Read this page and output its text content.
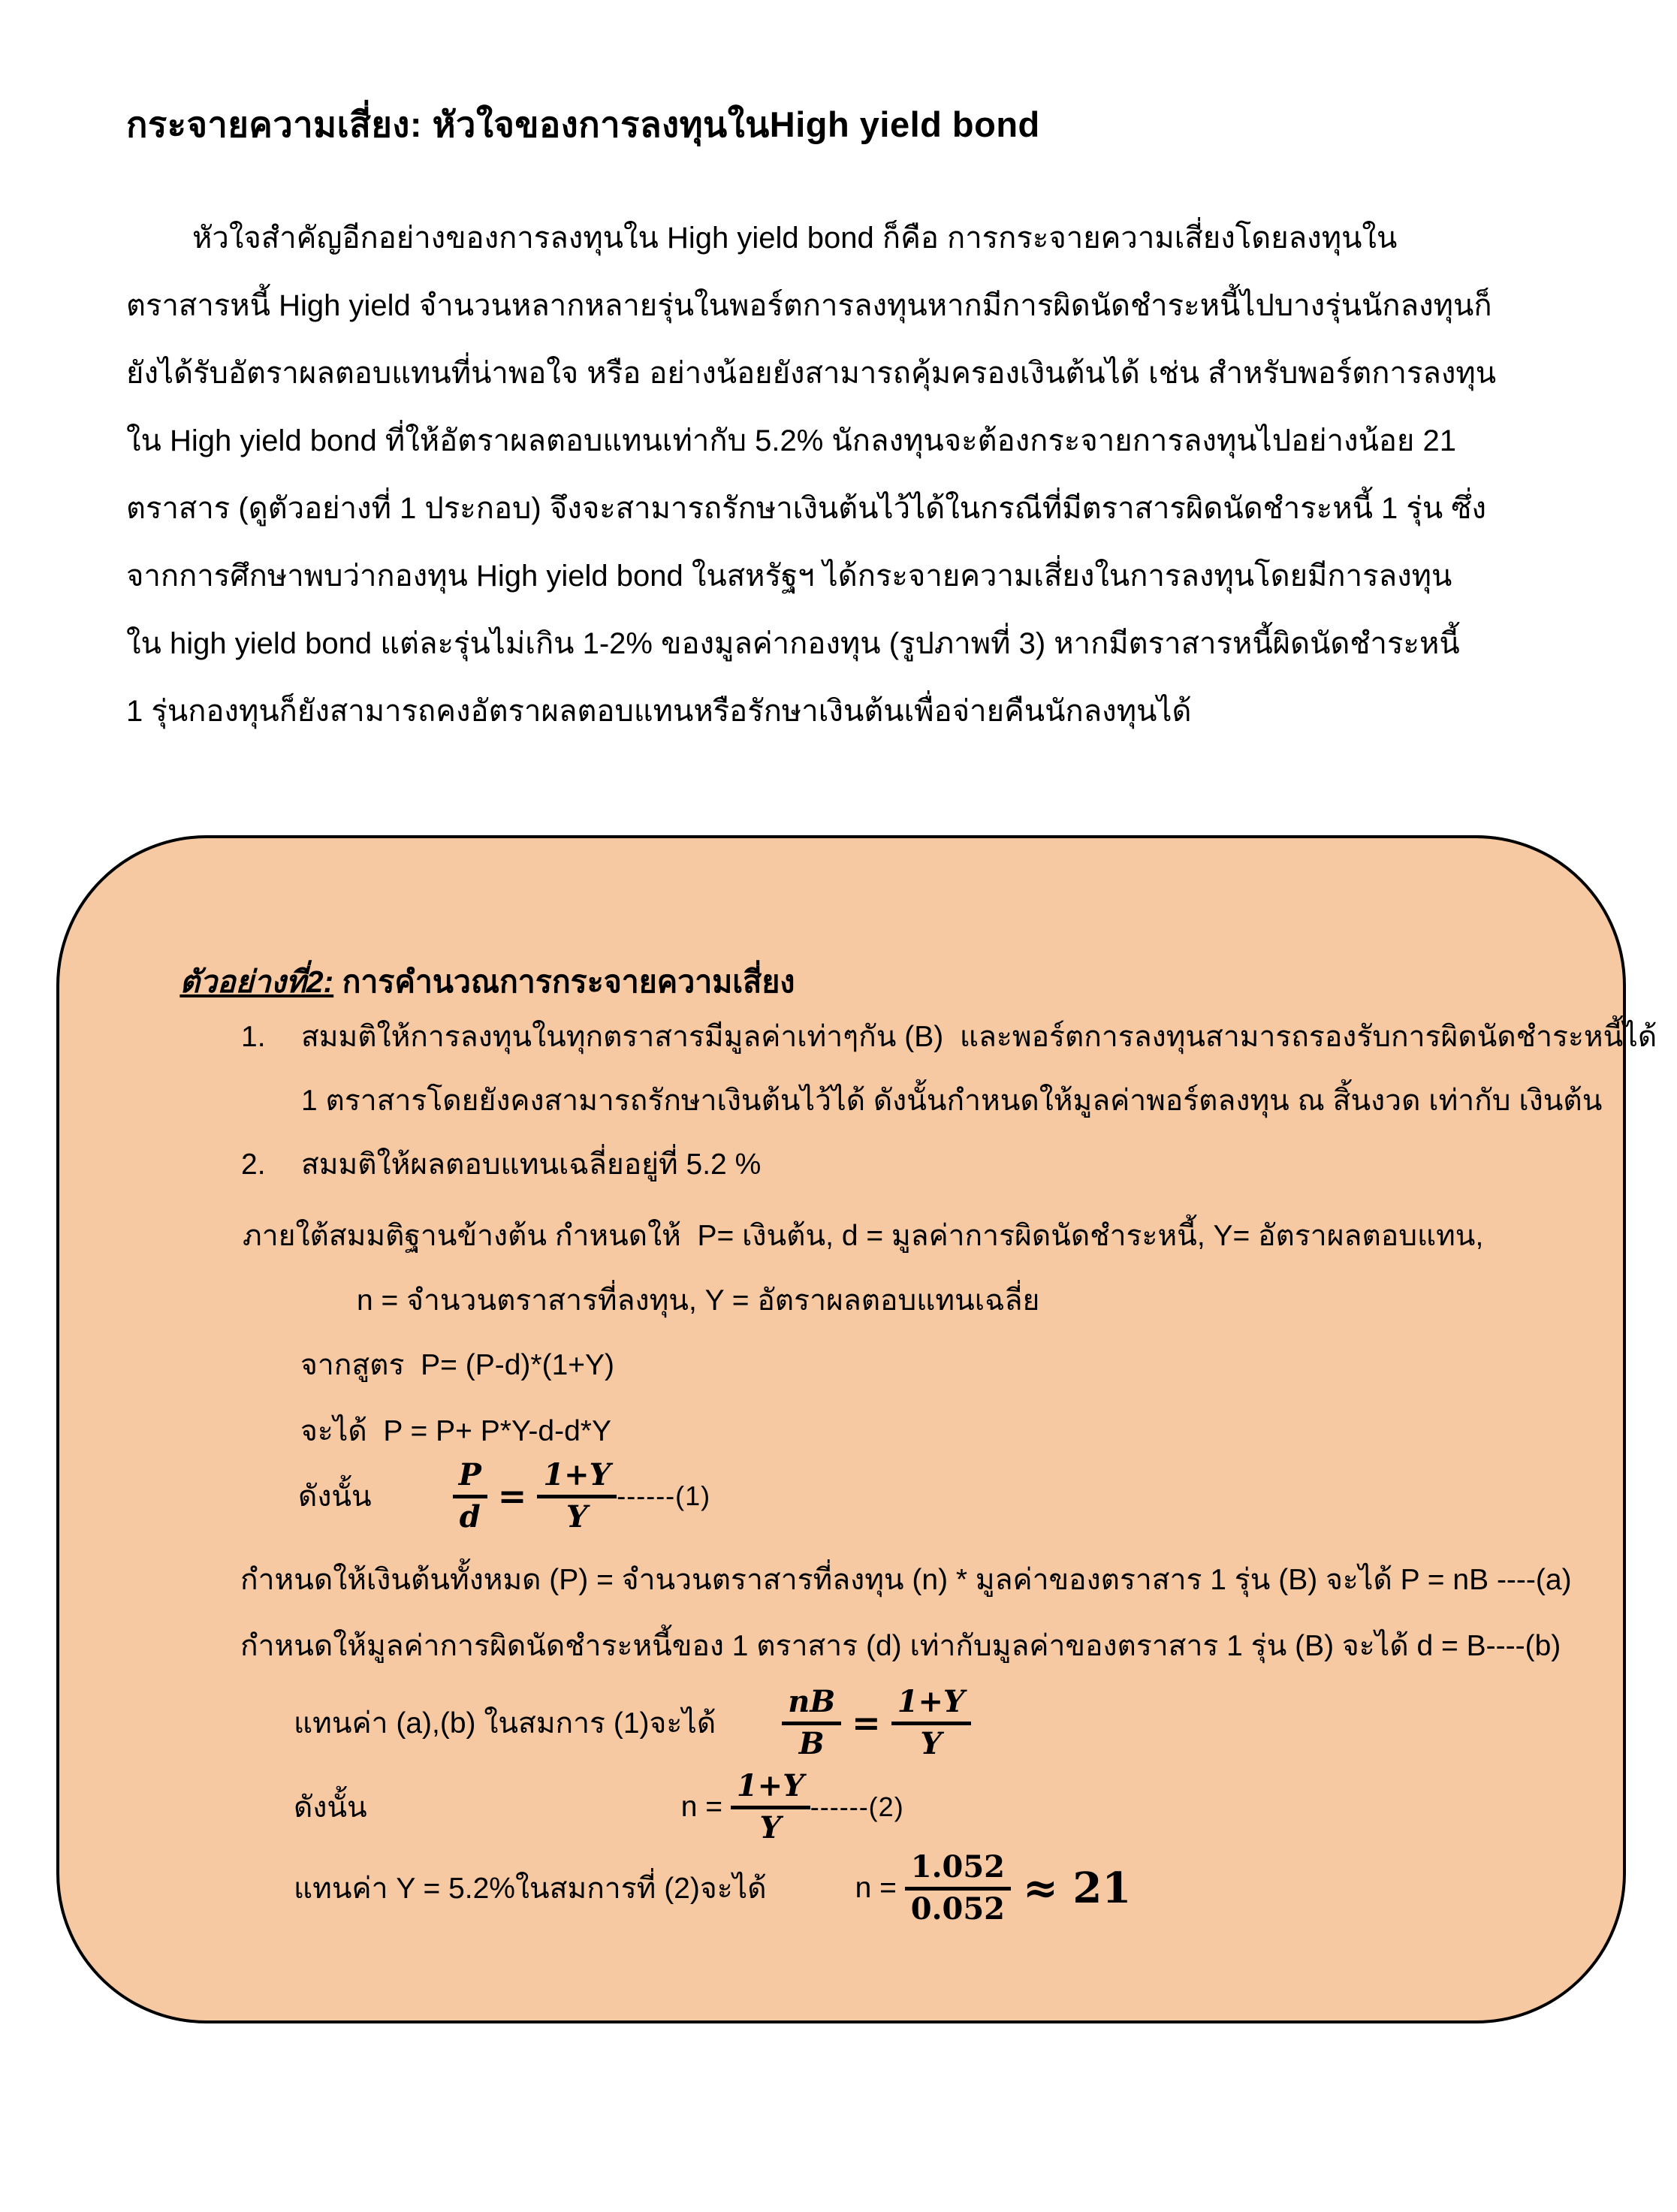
กระจายความเสี่ยง: หัวใจของการลงทุนในHigh yield bond
หัวใจสำคัญอีกอย่างของการลงทุนใน High yield bond ก็คือ การกระจายความเสี่ยงโดยลงทุนใน
ตราสารหนี้ High yield จำนวนหลากหลายรุ่นในพอร์ตการลงทุนหากมีการผิดนัดชำระหนี้ไปบางรุ่นนักลงทุนก็
ยังได้รับอัตราผลตอบแทนที่น่าพอใจ หรือ อย่างน้อยยังสามารถคุ้มครองเงินต้นได้ เช่น สำหรับพอร์ตการลงทุน
ใน High yield bond ที่ให้อัตราผลตอบแทนเท่ากับ 5.2% นักลงทุนจะต้องกระจายการลงทุนไปอย่างน้อย 21
ตราสาร (ดูตัวอย่างที่ 1 ประกอบ) จึงจะสามารถรักษาเงินต้นไว้ได้ในกรณีที่มีตราสารผิดนัดชำระหนี้ 1 รุ่น ซึ่ง
จากการศึกษาพบว่ากองทุน High yield bond ในสหรัฐฯ ได้กระจายความเสี่ยงในการลงทุนโดยมีการลงทุน
ใน high yield bond แต่ละรุ่นไม่เกิน 1-2% ของมูลค่ากองทุน (รูปภาพที่ 3) หากมีตราสารหนี้ผิดนัดชำระหนี้
1 รุ่นกองทุนก็ยังสามารถคงอัตราผลตอบแทนหรือรักษาเงินต้นเพื่อจ่ายคืนนักลงทุนได้

ตัวอย่างที่2: การคำนวณการกระจายความเสี่ยง

1.	สมมติให้การลงทุนในทุกตราสารมีมูลค่าเท่าๆกัน (B)  และพอร์ตการลงทุนสามารถรองรับการผิดนัดชำระหนี้ได้
1 ตราสารโดยยังคงสามารถรักษาเงินต้นไว้ได้ ดังนั้นกำหนดให้มูลค่าพอร์ตลงทุน ณ สิ้นงวด เท่ากับ เงินต้น
2.	สมมติให้ผลตอบแทนเฉลี่ยอยู่ที่ 5.2 %
ภายใต้สมมติฐานข้างต้น กำหนดให้  P= เงินต้น, d = มูลค่าการผิดนัดชำระหนี้, Y= อัตราผลตอบแทน,
n = จำนวนตราสารที่ลงทุน, Y = อัตราผลตอบแทนเฉลี่ย
จากสูตร  P= (P-d)*(1+Y)
จะได้  P = P+ P*Y-d-d*Y
ดังนั้น	$\frac{P}{d} = \frac{1+Y}{Y} ------(1)$
กำหนดให้เงินต้นทั้งหมด (P) = จำนวนตราสารที่ลงทุน (n) * มูลค่าของตราสาร 1 รุ่น (B) จะได้ P = nB ----(a)
กำหนดให้มูลค่าการผิดนัดชำระหนี้ของ 1 ตราสาร (d) เท่ากับมูลค่าของตราสาร 1 รุ่น (B) จะได้ d = B----(b)
แทนค่า (a),(b) ในสมการ (1)จะได้ $\frac{nB}{B} = \frac{1+Y}{Y}$
ดังนั้น	$n = \frac{1+Y}{Y} ------(2)$
แทนค่า Y = 5.2%ในสมการที่ (2)จะได้	$n = \frac{1.052}{0.052} \approx 21$
